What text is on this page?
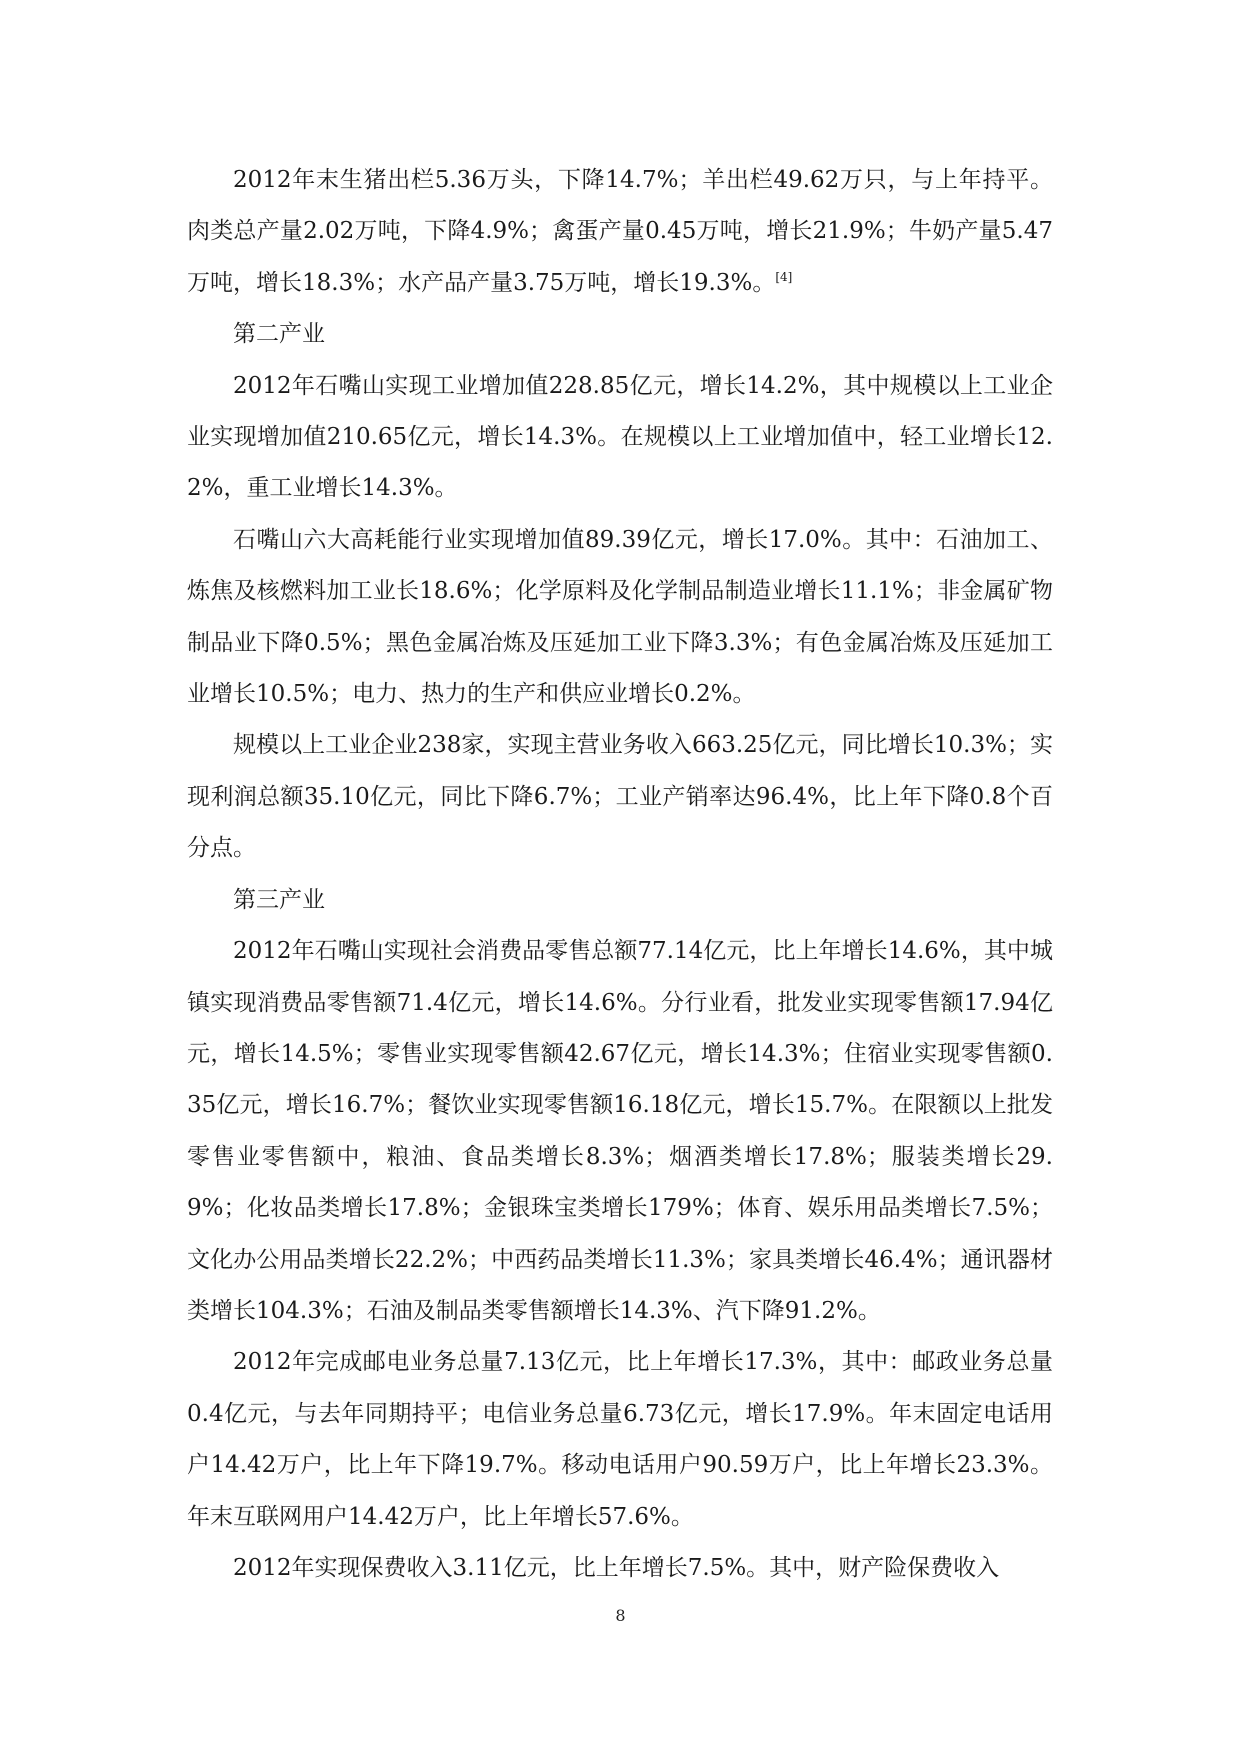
2012年末生猪出栏5.36万头，下降14.7%；羊出栏49.62万只，与上年持平。肉类总产量2.02万吨，下降4.9%；禽蛋产量0.45万吨，增长21.9%；牛奶产量5.47万吨，增长18.3%；水产品产量3.75万吨，增长19.3%。[4]

第二产业

2012年石嘴山实现工业增加值228.85亿元，增长14.2%，其中规模以上工业企业实现增加值210.65亿元，增长14.3%。在规模以上工业增加值中，轻工业增长12.2%，重工业增长14.3%。

石嘴山六大高耗能行业实现增加值89.39亿元，增长17.0%。其中：石油加工、炼焦及核燃料加工业长18.6%；化学原料及化学制品制造业增长11.1%；非金属矿物制品业下降0.5%；黑色金属冶炼及压延加工业下降3.3%；有色金属冶炼及压延加工业增长10.5%；电力、热力的生产和供应业增长0.2%。

规模以上工业企业238家，实现主营业务收入663.25亿元，同比增长10.3%；实现利润总额35.10亿元，同比下降6.7%；工业产销率达96.4%，比上年下降0.8个百分点。

第三产业

2012年石嘴山实现社会消费品零售总额77.14亿元，比上年增长14.6%，其中城镇实现消费品零售额71.4亿元，增长14.6%。分行业看，批发业实现零售额17.94亿元，增长14.5%；零售业实现零售额42.67亿元，增长14.3%；住宿业实现零售额0.35亿元，增长16.7%；餐饮业实现零售额16.18亿元，增长15.7%。在限额以上批发零售业零售额中，粮油、食品类增长8.3%；烟酒类增长17.8%；服装类增长29.9%；化妆品类增长17.8%；金银珠宝类增长179%；体育、娱乐用品类增长7.5%；文化办公用品类增长22.2%；中西药品类增长11.3%；家具类增长46.4%；通讯器材类增长104.3%；石油及制品类零售额增长14.3%、汽下降91.2%。

2012年完成邮电业务总量7.13亿元，比上年增长17.3%，其中：邮政业务总量0.4亿元，与去年同期持平；电信业务总量6.73亿元，增长17.9%。年末固定电话用户14.42万户，比上年下降19.7%。移动电话用户90.59万户，比上年增长23.3%。年末互联网用户14.42万户，比上年增长57.6%。

2012年实现保费收入3.11亿元，比上年增长7.5%。其中，财产险保费收入

8
